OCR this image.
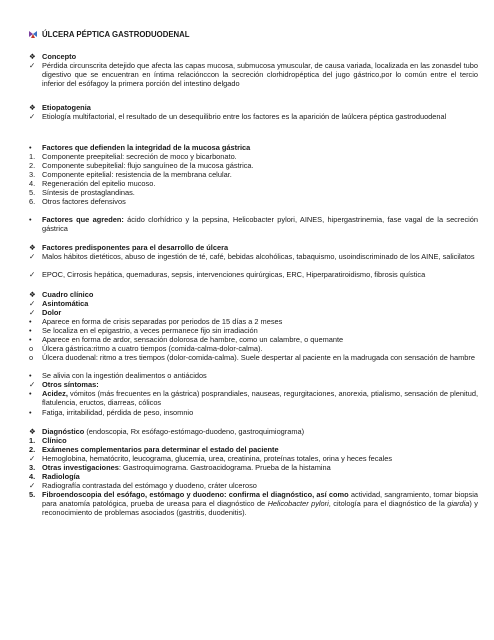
ÚLCERA PÉPTICA GASTRODUODENAL
❖ Concepto
✓ Pérdida circunscrita detejido que afecta las capas mucosa, submucosa ymuscular, de causa variada, localizada en las zonasdel tubo digestivo que se encuentran en íntima relaciónccon la secreción clorhidropéptica del jugo gástrico,por lo común entre el tercio inferior del esófagoy la primera porción del intestino delgado
❖ Etiopatogenia
✓ Etiología multifactorial, el resultado de un desequilibrio entre los factores es la aparición de laúlcera péptica gastroduodenal
•	Factores que defienden la integridad de la mucosa gástrica
1. Componente preepitelial: secreción de moco y bicarbonato.
2. Componente subepitelial: flujo sanguíneo de la mucosa gástrica.
3. Componente epitelial: resistencia de la membrana celular.
4. Regeneración del epitelio mucoso.
5. Síntesis de prostaglandinas.
6. Otros factores defensivos
•	Factores que agreden: ácido clorhídrico y la pepsina, Helicobacter pylori, AINES, hipergastrinemia, fase vagal de la secreción gástrica
❖ Factores predisponentes para el desarrollo de úlcera
✓ Malos hábitos dietéticos, abuso de ingestión de té, café, bebidas alcohólicas, tabaquismo, usoindiscriminado de los AINE, salicilatos
✓ EPOC, Cirrosis hepática, quemaduras, sepsis, intervenciones quirúrgicas, ERC, Hiperparatiroidismo, fibrosis quística
❖ Cuadro clínico
✓ Asintomática
✓ Dolor
•	Aparece en forma de crisis separadas por periodos de 15 días a 2 meses
•	Se localiza en el epigastrio, a veces permanece fijo sin irradiación
•	Aparece en forma de ardor, sensación dolorosa de hambre, como un calambre, o quemante
o	Úlcera gástrica:ritmo a cuatro tiempos (comida-calma-dolor-calma).
o	Úlcera duodenal: ritmo a tres tiempos (dolor-comida-calma). Suele despertar al paciente en la madrugada con sensación de hambre
•	Se alivia con la ingestión dealimentos o antiácidos
✓ Otros síntomas:
•	Acidez, vómitos (más frecuentes en la gástrica) posprandiales, nauseas, regurgitaciones, anorexia, ptialismo, sensación de plenitud, flatulencia, eructos, diarreas, cólicos
•	Fatiga, irritabilidad, pérdida de peso, insomnio
❖ Diagnóstico (endoscopia, Rx esófago-estómago-duodeno, gastroquimiograma)
1. Clínico
2. Exámenes complementarios para determinar el estado del paciente
✓ Hemoglobina, hematócrito, leucograma, glucemia, urea, creatinina, proteínas totales, orina y heces fecales
3. Otras investigaciones: Gastroquimograma. Gastroacidograma. Prueba de la histamina
4. Radiología
✓ Radiografía contrastada del estómago y duodeno, cráter ulceroso
5. Fibroendoscopia del esófago, estómago y duodeno: confirma el diagnóstico, así como actividad, sangramiento, tomar biopsia para anatomía patológica, prueba de ureasa para el diagnóstico de Helicobacter pylori, citología para el diagnóstico de la giardia) y reconocimiento de problemas asociados (gastritis, duodenitis).
